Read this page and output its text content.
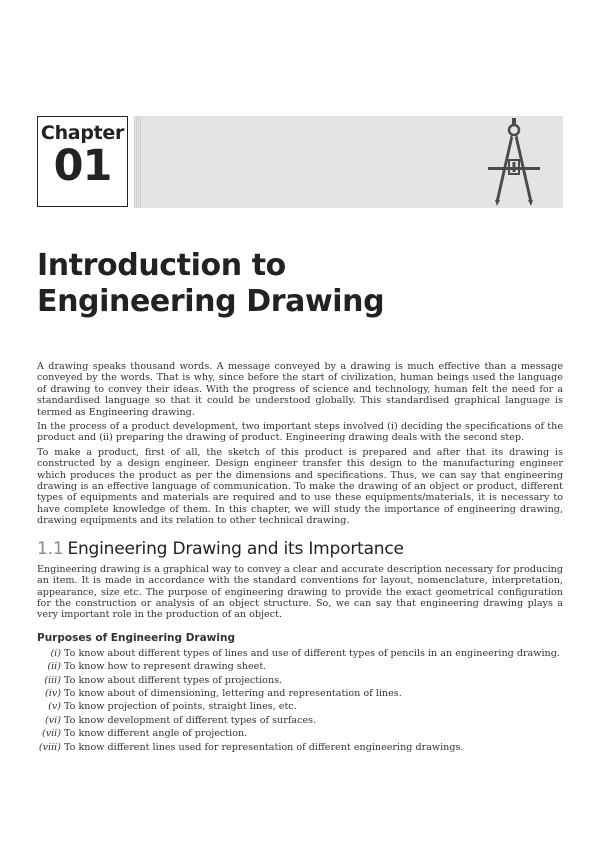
Chapter
01
Introduction to
Engineering Drawing

A drawing speaks thousand words. A message conveyed by a drawing is much effective than a message conveyed by the words. That is why, since before the start of civilization, human beings used the language of drawing to convey their ideas. With the progress of science and technology, human felt the need for a standardised language so that it could be understood globally. This standardised graphical language is termed as Engineering drawing.

In the process of a product development, two important steps involved (i) deciding the specifications of the product and (ii) preparing the drawing of product. Engineering drawing deals with the second step.

To make a product, first of all, the sketch of this product is prepared and after that its drawing is constructed by a design engineer. Design engineer transfer this design to the manufacturing engineer which produces the product as per the dimensions and specifications. Thus, we can say that engineering drawing is an effective language of communication. To make the drawing of an object or product, different types of equipments and materials are required and to use these equipments/materials, it is necessary to have complete knowledge of them. In this chapter, we will study the importance of engineering drawing, drawing equipments and its relation to other technical drawing.

1.1 Engineering Drawing and its Importance

Engineering drawing is a graphical way to convey a clear and accurate description necessary for producing an item. It is made in accordance with the standard conventions for layout, nomenclature, interpretation, appearance, size etc. The purpose of engineering drawing to provide the exact geometrical configuration for the construction or analysis of an object structure. So, we can say that engineering drawing plays a very important role in the production of an object.

Purposes of Engineering Drawing
(i) To know about different types of lines and use of different types of pencils in an engineering drawing.
(ii) To know how to represent drawing sheet.
(iii) To know about different types of projections.
(iv) To know about of dimensioning, lettering and representation of lines.
(v) To know projection of points, straight lines, etc.
(vi) To know development of different types of surfaces.
(vii) To know different angle of projection.
(viii) To know different lines used for representation of different engineering drawings.
